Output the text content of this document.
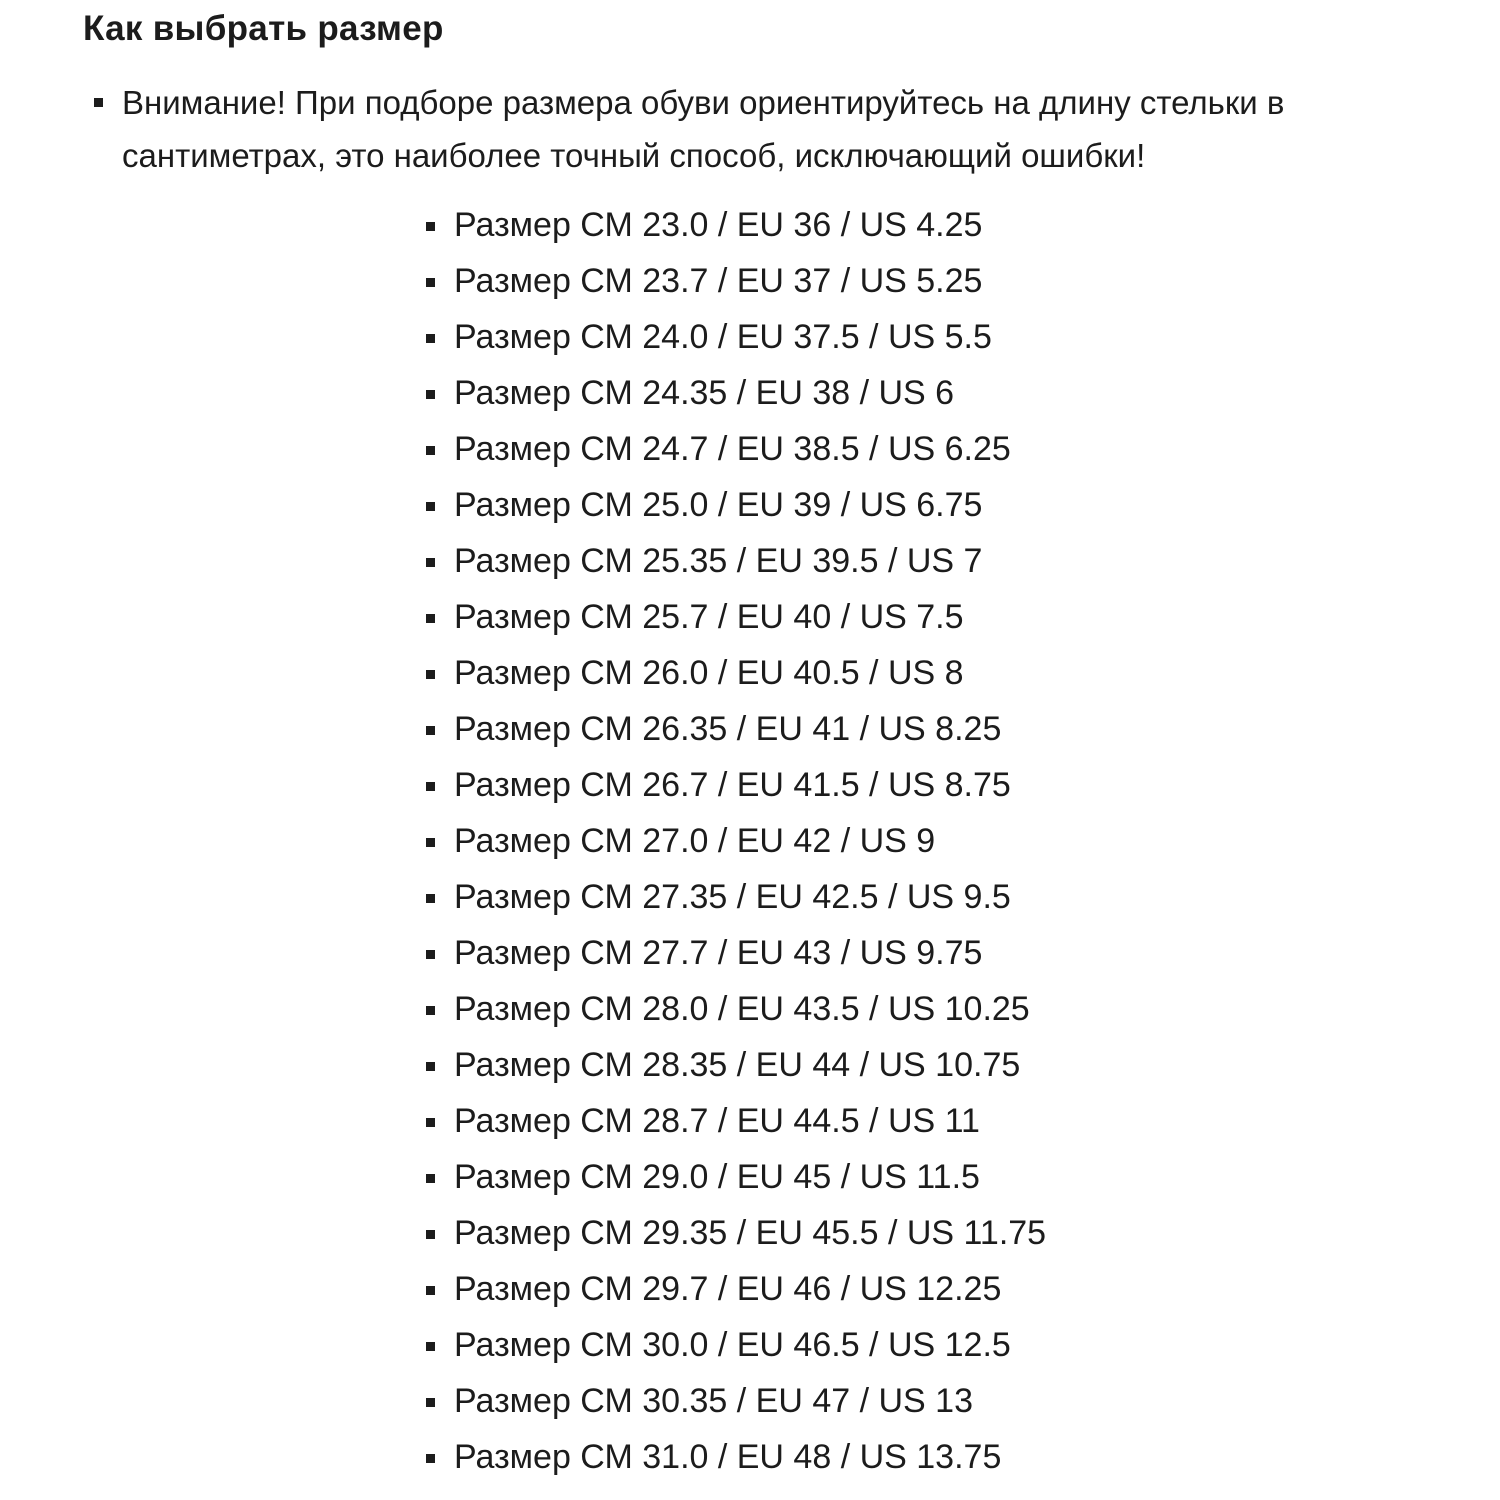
Как выбрать размер
Внимание! При подборе размера обуви ориентируйтесь на длину стельки в сантиметрах, это наиболее точный способ, исключающий ошибки!
Размер СМ 23.0 / EU 36 / US 4.25
Размер СМ 23.7 / EU 37 / US 5.25
Размер СМ 24.0 / EU 37.5 / US 5.5
Размер СМ 24.35 / EU 38 / US 6
Размер СМ 24.7 / EU 38.5 / US 6.25
Размер СМ 25.0 / EU 39 / US 6.75
Размер СМ 25.35 / EU 39.5 / US 7
Размер СМ 25.7 / EU 40 / US 7.5
Размер СМ 26.0 / EU 40.5 / US 8
Размер СМ 26.35 / EU 41 / US 8.25
Размер СМ 26.7 / EU 41.5 / US 8.75
Размер СМ 27.0 / EU 42 / US 9
Размер СМ 27.35 / EU 42.5 / US 9.5
Размер СМ 27.7 / EU 43 / US 9.75
Размер СМ 28.0 / EU 43.5 / US 10.25
Размер СМ 28.35 / EU 44 / US 10.75
Размер СМ 28.7 / EU 44.5 / US 11
Размер СМ 29.0 / EU 45 / US 11.5
Размер СМ 29.35 / EU 45.5 / US 11.75
Размер СМ 29.7 / EU 46 / US 12.25
Размер СМ 30.0 / EU 46.5 / US 12.5
Размер СМ 30.35 / EU 47 / US 13
Размер СМ 31.0 / EU 48 / US 13.75
